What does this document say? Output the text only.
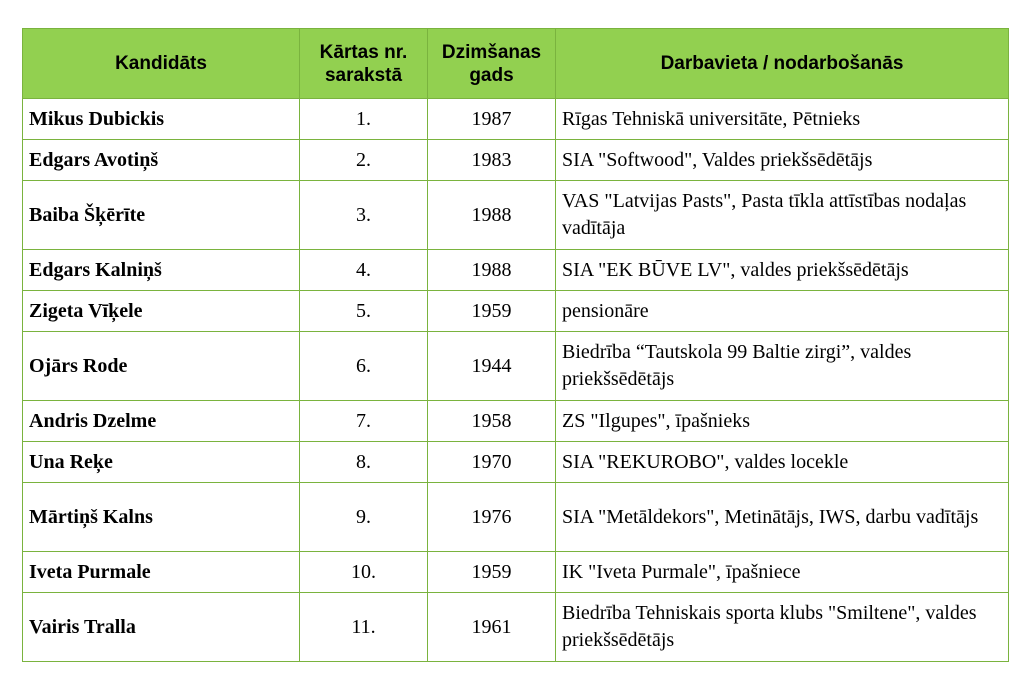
Kandidāts	Kārtas nr. sarakstā	Dzimšanas gads	Darbavieta / nodarbošanās
Mikus Dubickis	1.	1987	Rīgas Tehniskā universitāte, Pētnieks
Edgars Avotiņš	2.	1983	SIA "Softwood", Valdes priekšsēdētājs
Baiba Šķērīte	3.	1988	VAS "Latvijas Pasts", Pasta tīkla attīstības nodaļas vadītāja
Edgars Kalniņš	4.	1988	SIA "EK BŪVE LV", valdes priekšsēdētājs
Zigeta Vīķele	5.	1959	pensionāre
Ojārs Rode	6.	1944	Biedrība “Tautskola 99 Baltie zirgi”, valdes priekšsēdētājs
Andris Dzelme	7.	1958	ZS "Ilgupes", īpašnieks
Una Reķe	8.	1970	SIA "REKUROBO", valdes locekle
Mārtiņš Kalns	9.	1976	SIA "Metāldekors", Metinātājs, IWS, darbu vadītājs
Iveta Purmale	10.	1959	IK "Iveta Purmale", īpašniece
Vairis Tralla	11.	1961	Biedrība Tehniskais sporta klubs "Smiltene", valdes priekšsēdētājs
